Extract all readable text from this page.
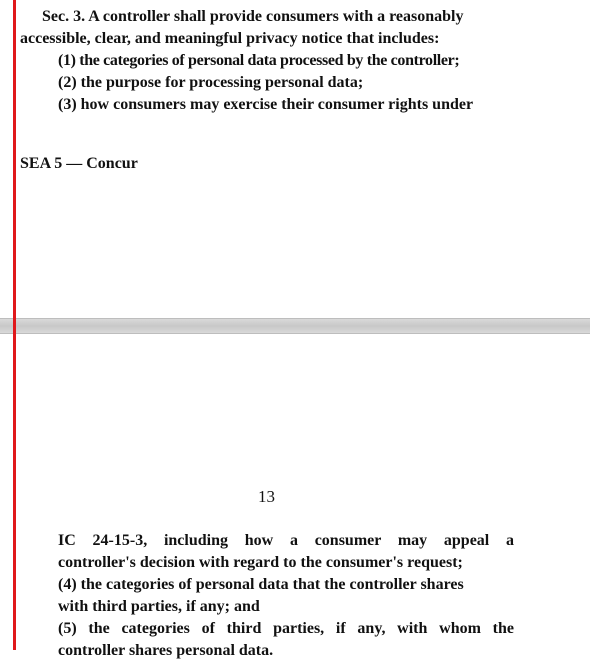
Sec. 3. A controller shall provide consumers with a reasonably
accessible, clear, and meaningful privacy notice that includes:
(1) the categories of personal data processed by the controller;
(2) the purpose for processing personal data;
(3) how consumers may exercise their consumer rights under
SEA 5 — Concur
13
IC 24-15-3, including how a consumer may appeal a
controller's decision with regard to the consumer's request;
(4) the categories of personal data that the controller shares
with third parties, if any; and
(5) the categories of third parties, if any, with whom the
controller shares personal data.
